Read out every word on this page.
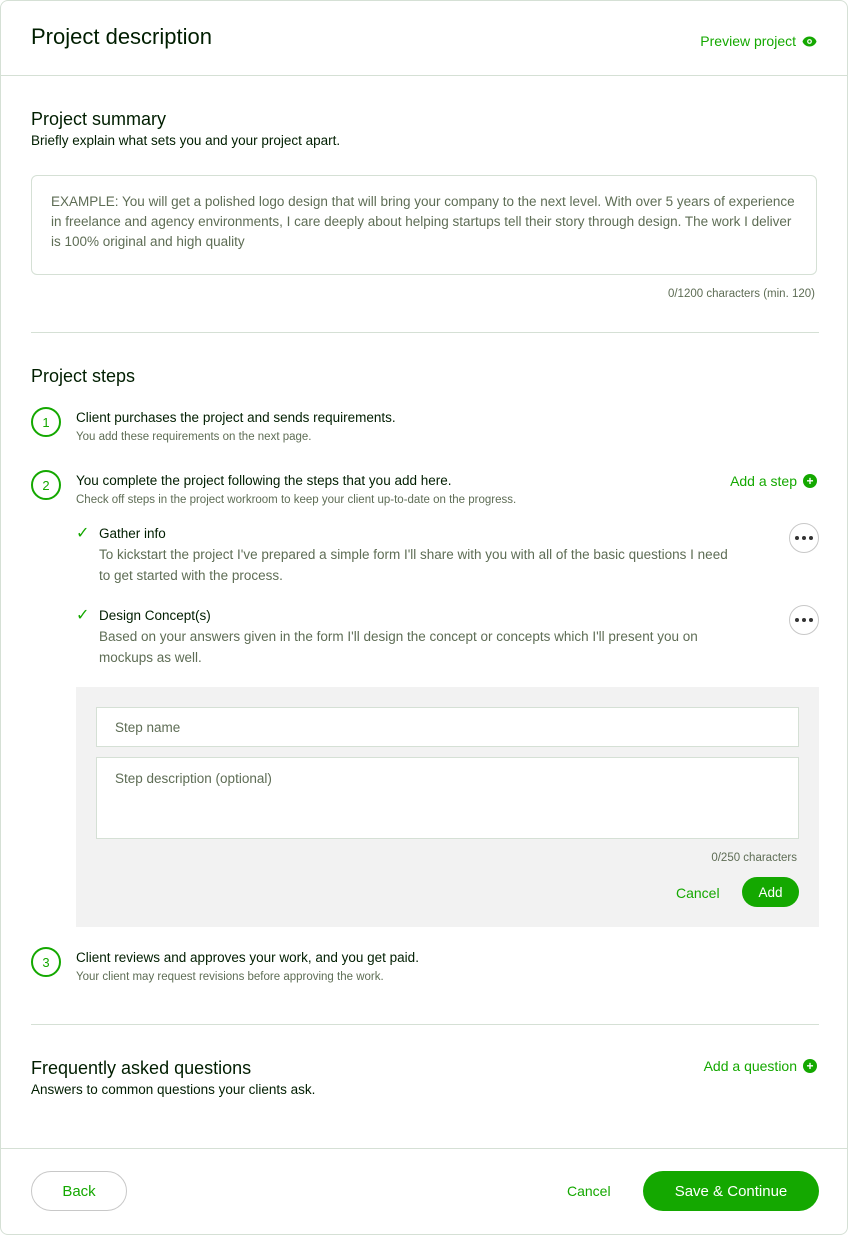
Project description	Preview project
Project summary
Briefly explain what sets you and your project apart.
EXAMPLE: You will get a polished logo design that will bring your company to the next level. With over 5 years of experience in freelance and agency environments, I care deeply about helping startups tell their story through design. The work I deliver is 100% original and high quality
0/1200 characters (min. 120)
Project steps
1	Client purchases the project and sends requirements.
You add these requirements on the next page.
2	You complete the project following the steps that you add here.
Check off steps in the project workroom to keep your client up-to-date on the progress.
Add a step +
✓ Gather info
To kickstart the project I've prepared a simple form I'll share with you with all of the basic questions I need to get started with the process.
✓ Design Concept(s)
Based on your answers given in the form I'll design the concept or concepts which I'll present you on mockups as well.
Step name
Step description (optional)
0/250 characters
Cancel	Add
3	Client reviews and approves your work, and you get paid.
Your client may request revisions before approving the work.
Frequently asked questions
Answers to common questions your clients ask.
Add a question +
Back	Cancel	Save & Continue
